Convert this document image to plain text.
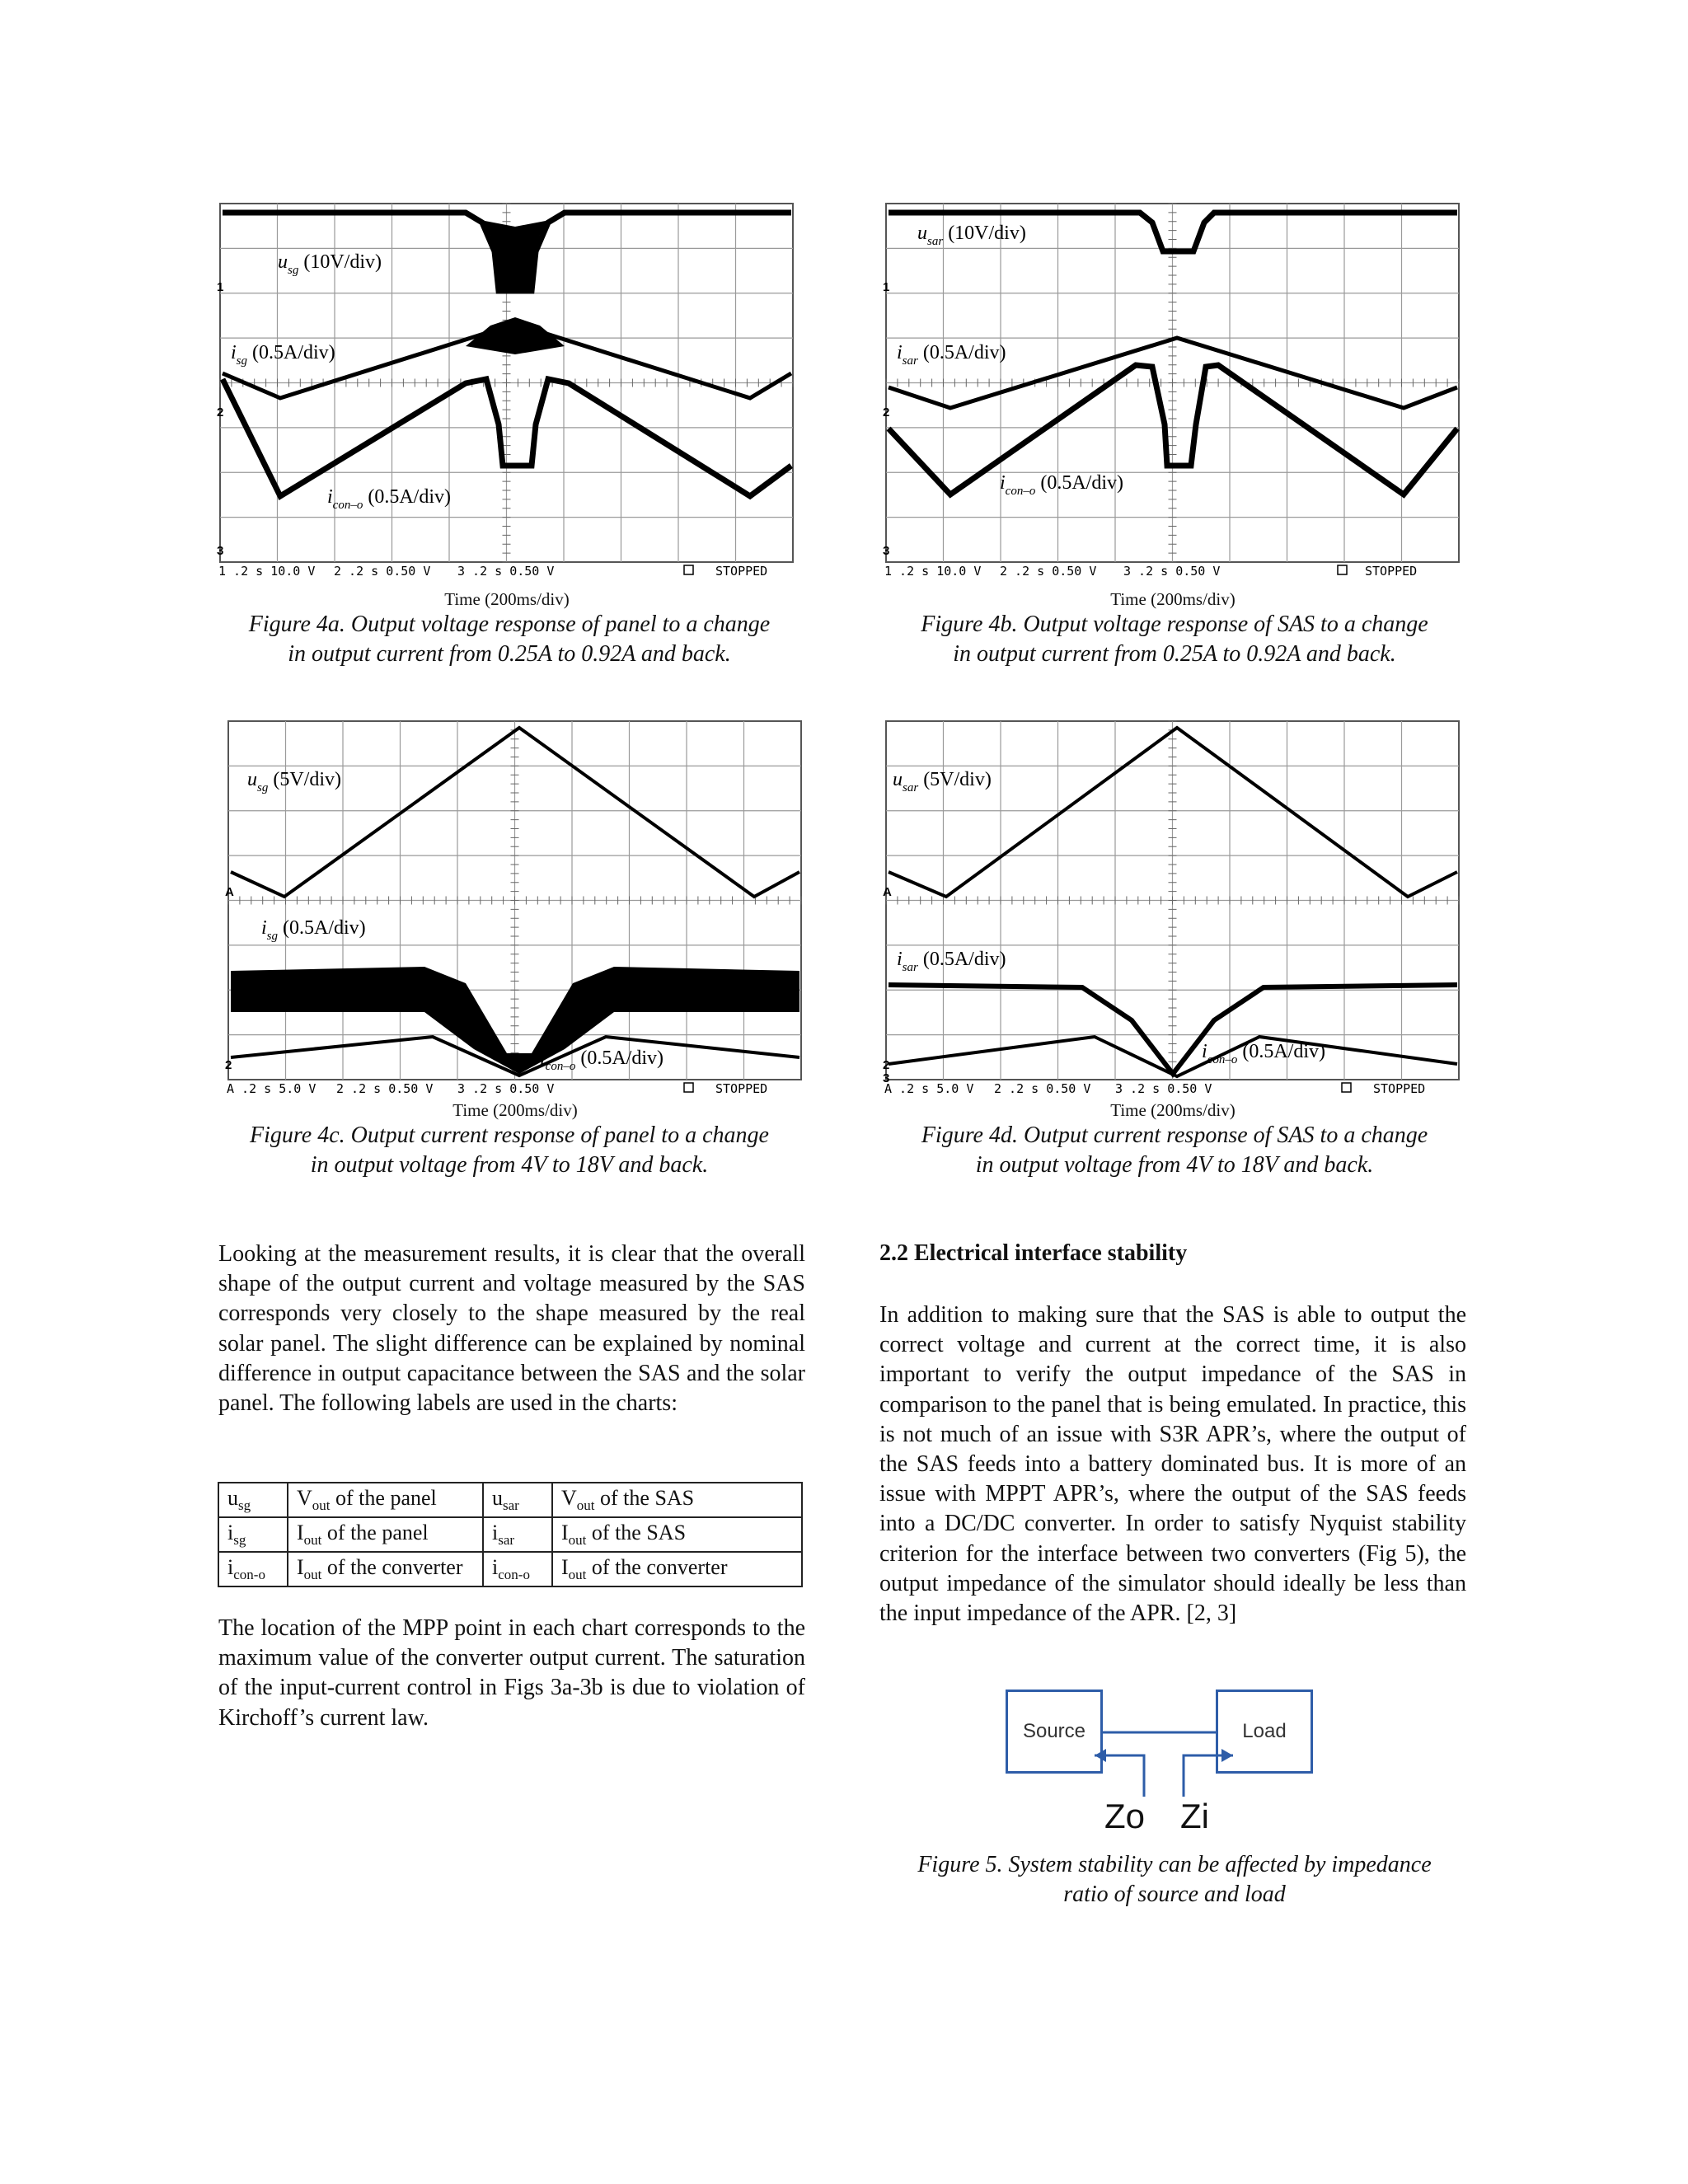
1
2
3
$u_{sg}$ (10V/div)
$i_{sg}$ (0.5A/div)
$i_{con-o}$ (0.5A/div)
1 .2 s 10.0 V 2 .2 s 0.50 V 3 .2 s 0.50 V	STOPPED
Time (200ms/div)
Figure 4a. Output voltage response of panel to a change
in output current from 0.25A to 0.92A and back.
1
2
3
$u_{sar}$ (10V/div)
$i_{sar}$ (0.5A/div)
$i_{con-o}$ (0.5A/div)
1 .2 s 10.0 V 2 .2 s 0.50 V 3 .2 s 0.50 V	STOPPED
Time (200ms/div)
Figure 4b. Output voltage response of SAS to a change
in output current from 0.25A to 0.92A and back.
A
2
$u_{sg}$ (5V/div)
$i_{sg}$ (0.5A/div)
$i_{con-o}$ (0.5A/div)
A .2 s 5.0 V 2 .2 s 0.50 V 3 .2 s 0.50 V	STOPPED
Time (200ms/div)
Figure 4c. Output current response of panel to a change
in output voltage from 4V to 18V and back.
A
2
3
$u_{sar}$ (5V/div)
$i_{sar}$ (0.5A/div)
$i_{con-o}$ (0.5A/div)
A .2 s 5.0 V 2 .2 s 0.50 V 3 .2 s 0.50 V	STOPPED
Time (200ms/div)
Figure 4d. Output current response of SAS to a change
in output voltage from 4V to 18V and back.

Looking at the measurement results, it is clear that the overall shape of the output current and voltage measured by the SAS corresponds very closely to the shape measured by the real solar panel. The slight difference can be explained by nominal difference in output capacitance between the SAS and the solar panel. The following labels are used in the charts:

$u_{sg}$	$V_{out}$ of the panel	$u_{sar}$	$V_{out}$ of the SAS
$i_{sg}$	$I_{out}$ of the panel	$i_{sar}$	$I_{out}$ of the SAS
$i_{con-o}$	$I_{out}$ of the converter	$i_{con-o}$	$I_{out}$ of the converter

The location of the MPP point in each chart corresponds to the maximum value of the converter output current. The saturation of the input-current control in Figs 3a-3b is due to violation of Kirchoff’s current law.

2.2 Electrical interface stability

In addition to making sure that the SAS is able to output the correct voltage and current at the correct time, it is also important to verify the output impedance of the SAS in comparison to the panel that is being emulated. In practice, this is not much of an issue with S3R APR’s, where the output of the SAS feeds into a battery dominated bus. It is more of an issue with MPPT APR’s, where the output of the SAS feeds into a DC/DC converter. In order to satisfy Nyquist stability criterion for the interface between two converters (Fig 5), the output impedance of the simulator should ideally be less than the input impedance of the APR. [2, 3]

Source	Load
Zo Zi
Figure 5. System stability can be affected by impedance
ratio of source and load
